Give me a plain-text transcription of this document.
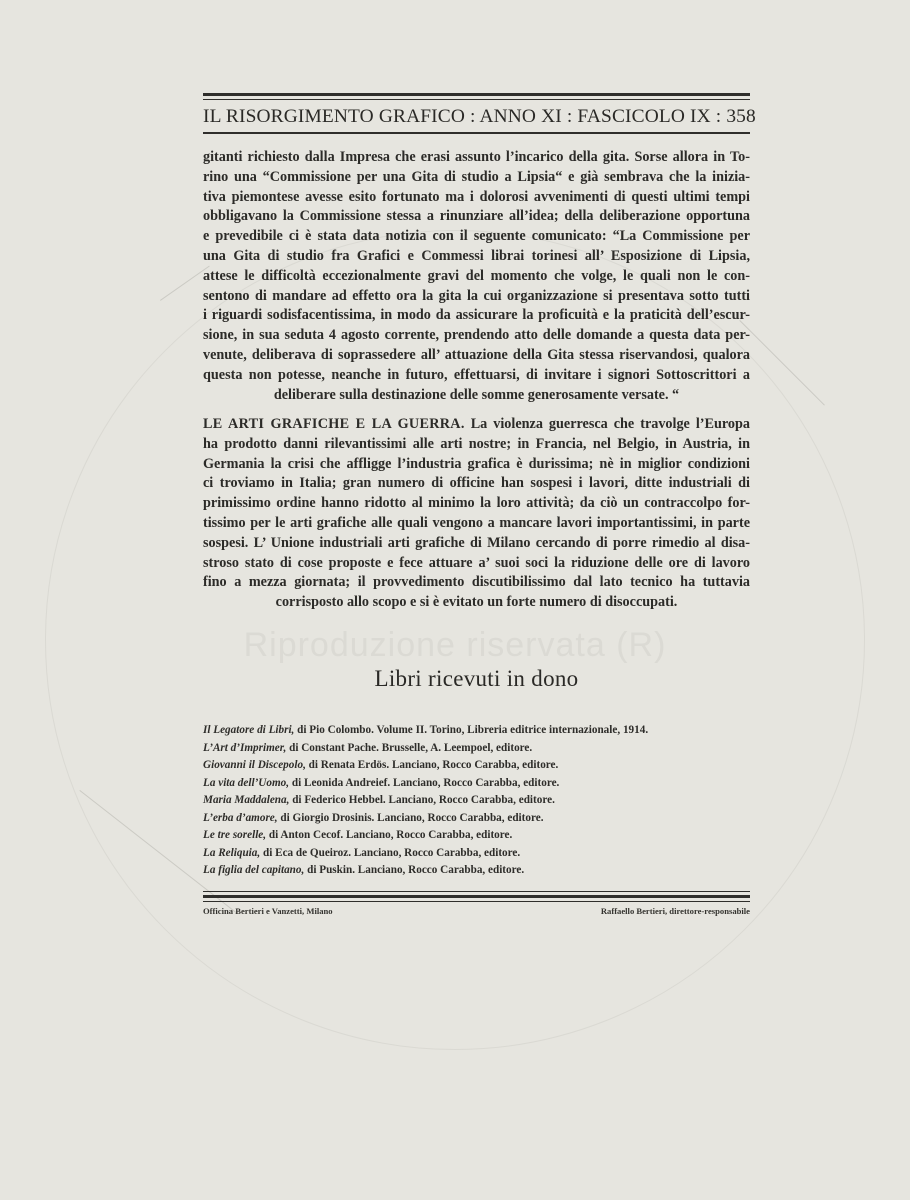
Riproduzione riservata (R)
IL RISORGIMENTO GRAFICO : ANNO XI : FASCICOLO IX : 358
gitanti richiesto dalla Impresa che erasi assunto l’incarico della gita. Sorse allora in To-
rino una “Commissione per una Gita di studio a Lipsia“ e già sembrava che la inizia-
tiva piemontese avesse esito fortunato ma i dolorosi avvenimenti di questi ultimi tempi
obbligavano la Commissione stessa a rinunziare all’idea; della deliberazione opportuna
e prevedibile ci è stata data notizia con il seguente comunicato: “La Commissione per
una Gita di studio fra Grafici e Commessi librai torinesi all’ Esposizione di Lipsia,
attese le difficoltà eccezionalmente gravi del momento che volge, le quali non le con-
sentono di mandare ad effetto ora la gita la cui organizzazione si presentava sotto tutti
i riguardi sodisfacentissima, in modo da assicurare la proficuità e la praticità dell’escur-
sione, in sua seduta 4 agosto corrente, prendendo atto delle domande a questa data per-
venute, deliberava di soprassedere all’ attuazione della Gita stessa riservandosi, qualora
questa non potesse, neanche in futuro, effettuarsi, di invitare i signori Sottoscrittori a
deliberare sulla destinazione delle somme generosamente versate. “
LE ARTI GRAFICHE E LA GUERRA. La violenza guerresca che travolge l’Europa
ha prodotto danni rilevantissimi alle arti nostre; in Francia, nel Belgio, in Austria, in
Germania la crisi che affligge l’industria grafica è durissima; nè in miglior condizioni
ci troviamo in Italia; gran numero di officine han sospesi i lavori, ditte industriali di
primissimo ordine hanno ridotto al minimo la loro attività; da ciò un contraccolpo for-
tissimo per le arti grafiche alle quali vengono a mancare lavori importantissimi, in parte
sospesi. L’ Unione industriali arti grafiche di Milano cercando di porre rimedio al disa-
stroso stato di cose proposte e fece attuare a’ suoi soci la riduzione delle ore di lavoro
fino a mezza giornata; il provvedimento discutibilissimo dal lato tecnico ha tuttavia
corrisposto allo scopo e si è evitato un forte numero di disoccupati.
Libri ricevuti in dono
Il Legatore di Libri, di Pio Colombo. Volume II. Torino, Libreria editrice internazionale, 1914.
L’Art d’Imprimer, di Constant Pache. Brusselle, A. Leempoel, editore.
Giovanni il Discepolo, di Renata Erdös. Lanciano, Rocco Carabba, editore.
La vita dell’Uomo, di Leonida Andreief. Lanciano, Rocco Carabba, editore.
Maria Maddalena, di Federico Hebbel. Lanciano, Rocco Carabba, editore.
L’erba d’amore, di Giorgio Drosinis. Lanciano, Rocco Carabba, editore.
Le tre sorelle, di Anton Cecof. Lanciano, Rocco Carabba, editore.
La Reliquia, di Eca de Queiroz. Lanciano, Rocco Carabba, editore.
La figlia del capitano, di Puskin. Lanciano, Rocco Carabba, editore.
Officina Bertieri e Vanzetti, Milano	Raffaello Bertieri, direttore-responsabile
